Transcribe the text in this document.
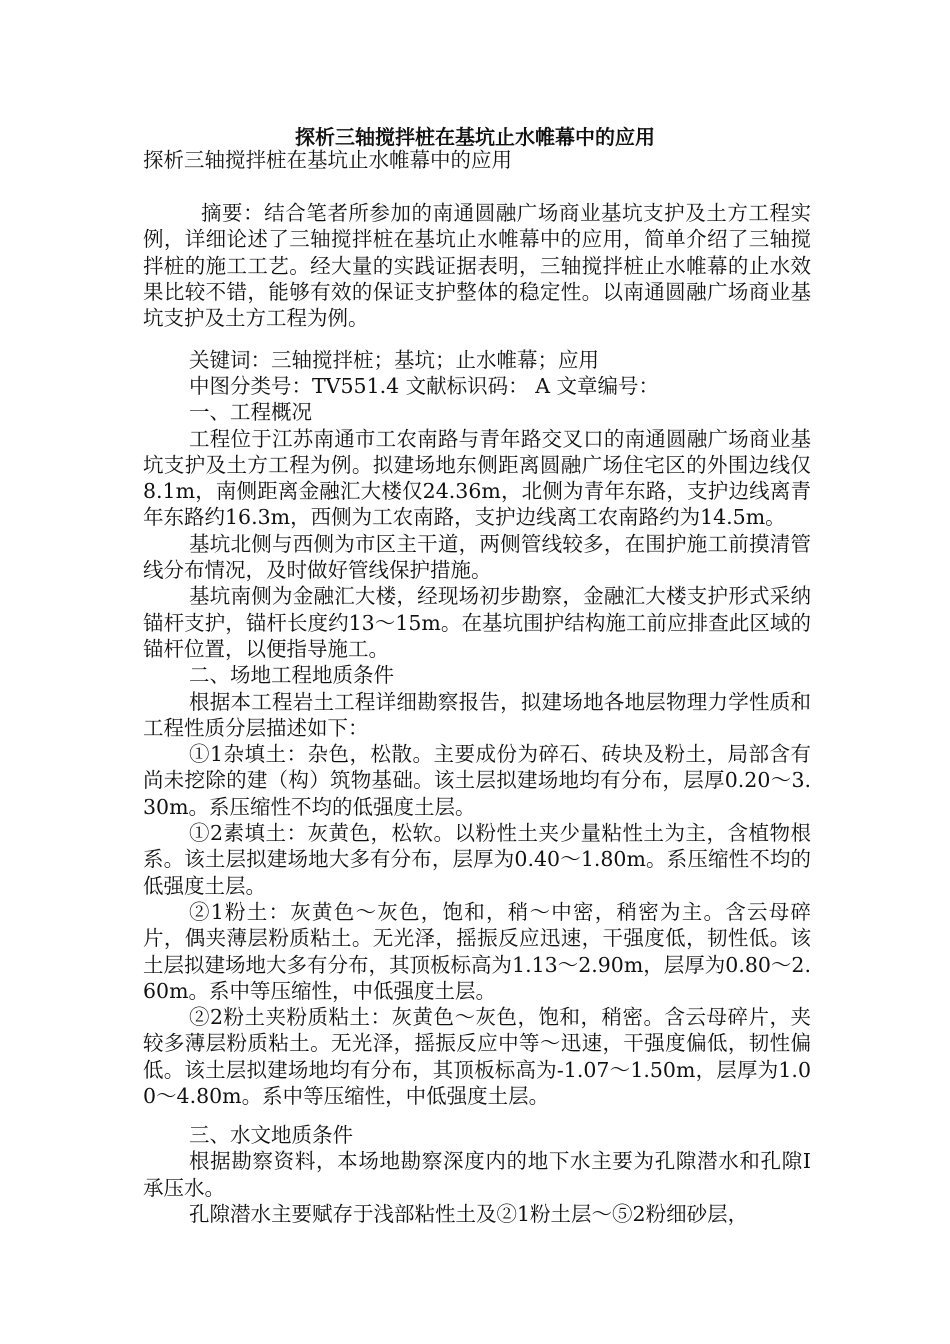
探析三轴搅拌桩在基坑止水帷幕中的应用

探析三轴搅拌桩在基坑止水帷幕中的应用

摘要：结合笔者所参加的南通圆融广场商业基坑支护及土方工程实例，详细论述了三轴搅拌桩在基坑止水帷幕中的应用，简单介绍了三轴搅拌桩的施工工艺。经大量的实践证据表明，三轴搅拌桩止水帷幕的止水效果比较不错，能够有效的保证支护整体的稳定性。以南通圆融广场商业基坑支护及土方工程为例。

关键词：三轴搅拌桩；基坑；止水帷幕；应用

中图分类号：TV551.4 文献标识码： A 文章编号：

一、工程概况

工程位于江苏南通市工农南路与青年路交叉口的南通圆融广场商业基坑支护及土方工程为例。拟建场地东侧距离圆融广场住宅区的外围边线仅8.1m，南侧距离金融汇大楼仅24.36m，北侧为青年东路，支护边线离青年东路约16.3m，西侧为工农南路，支护边线离工农南路约为14.5m。

基坑北侧与西侧为市区主干道，两侧管线较多，在围护施工前摸清管线分布情况，及时做好管线保护措施。

基坑南侧为金融汇大楼，经现场初步勘察，金融汇大楼支护形式采纳锚杆支护，锚杆长度约13～15m。在基坑围护结构施工前应排查此区域的锚杆位置，以便指导施工。

二、场地工程地质条件

根据本工程岩土工程详细勘察报告，拟建场地各地层物理力学性质和工程性质分层描述如下：

①1杂填土：杂色，松散。主要成份为碎石、砖块及粉土，局部含有尚未挖除的建（构）筑物基础。该土层拟建场地均有分布，层厚0.20～3.30m。系压缩性不均的低强度土层。

①2素填土：灰黄色，松软。以粉性土夹少量粘性土为主，含植物根系。该土层拟建场地大多有分布，层厚为0.40～1.80m。系压缩性不均的低强度土层。

②1粉土：灰黄色～灰色，饱和，稍～中密，稍密为主。含云母碎片，偶夹薄层粉质粘土。无光泽，摇振反应迅速，干强度低，韧性低。该土层拟建场地大多有分布，其顶板标高为1.13～2.90m，层厚为0.80～2.60m。系中等压缩性，中低强度土层。

②2粉土夹粉质粘土：灰黄色～灰色，饱和，稍密。含云母碎片，夹较多薄层粉质粘土。无光泽，摇振反应中等～迅速，干强度偏低，韧性偏低。该土层拟建场地均有分布，其顶板标高为-1.07～1.50m，层厚为1.00～4.80m。系中等压缩性，中低强度土层。

三、水文地质条件

根据勘察资料，本场地勘察深度内的地下水主要为孔隙潜水和孔隙Ⅰ承压水。

孔隙潜水主要赋存于浅部粘性土及②1粉土层～⑤2粉细砂层，
